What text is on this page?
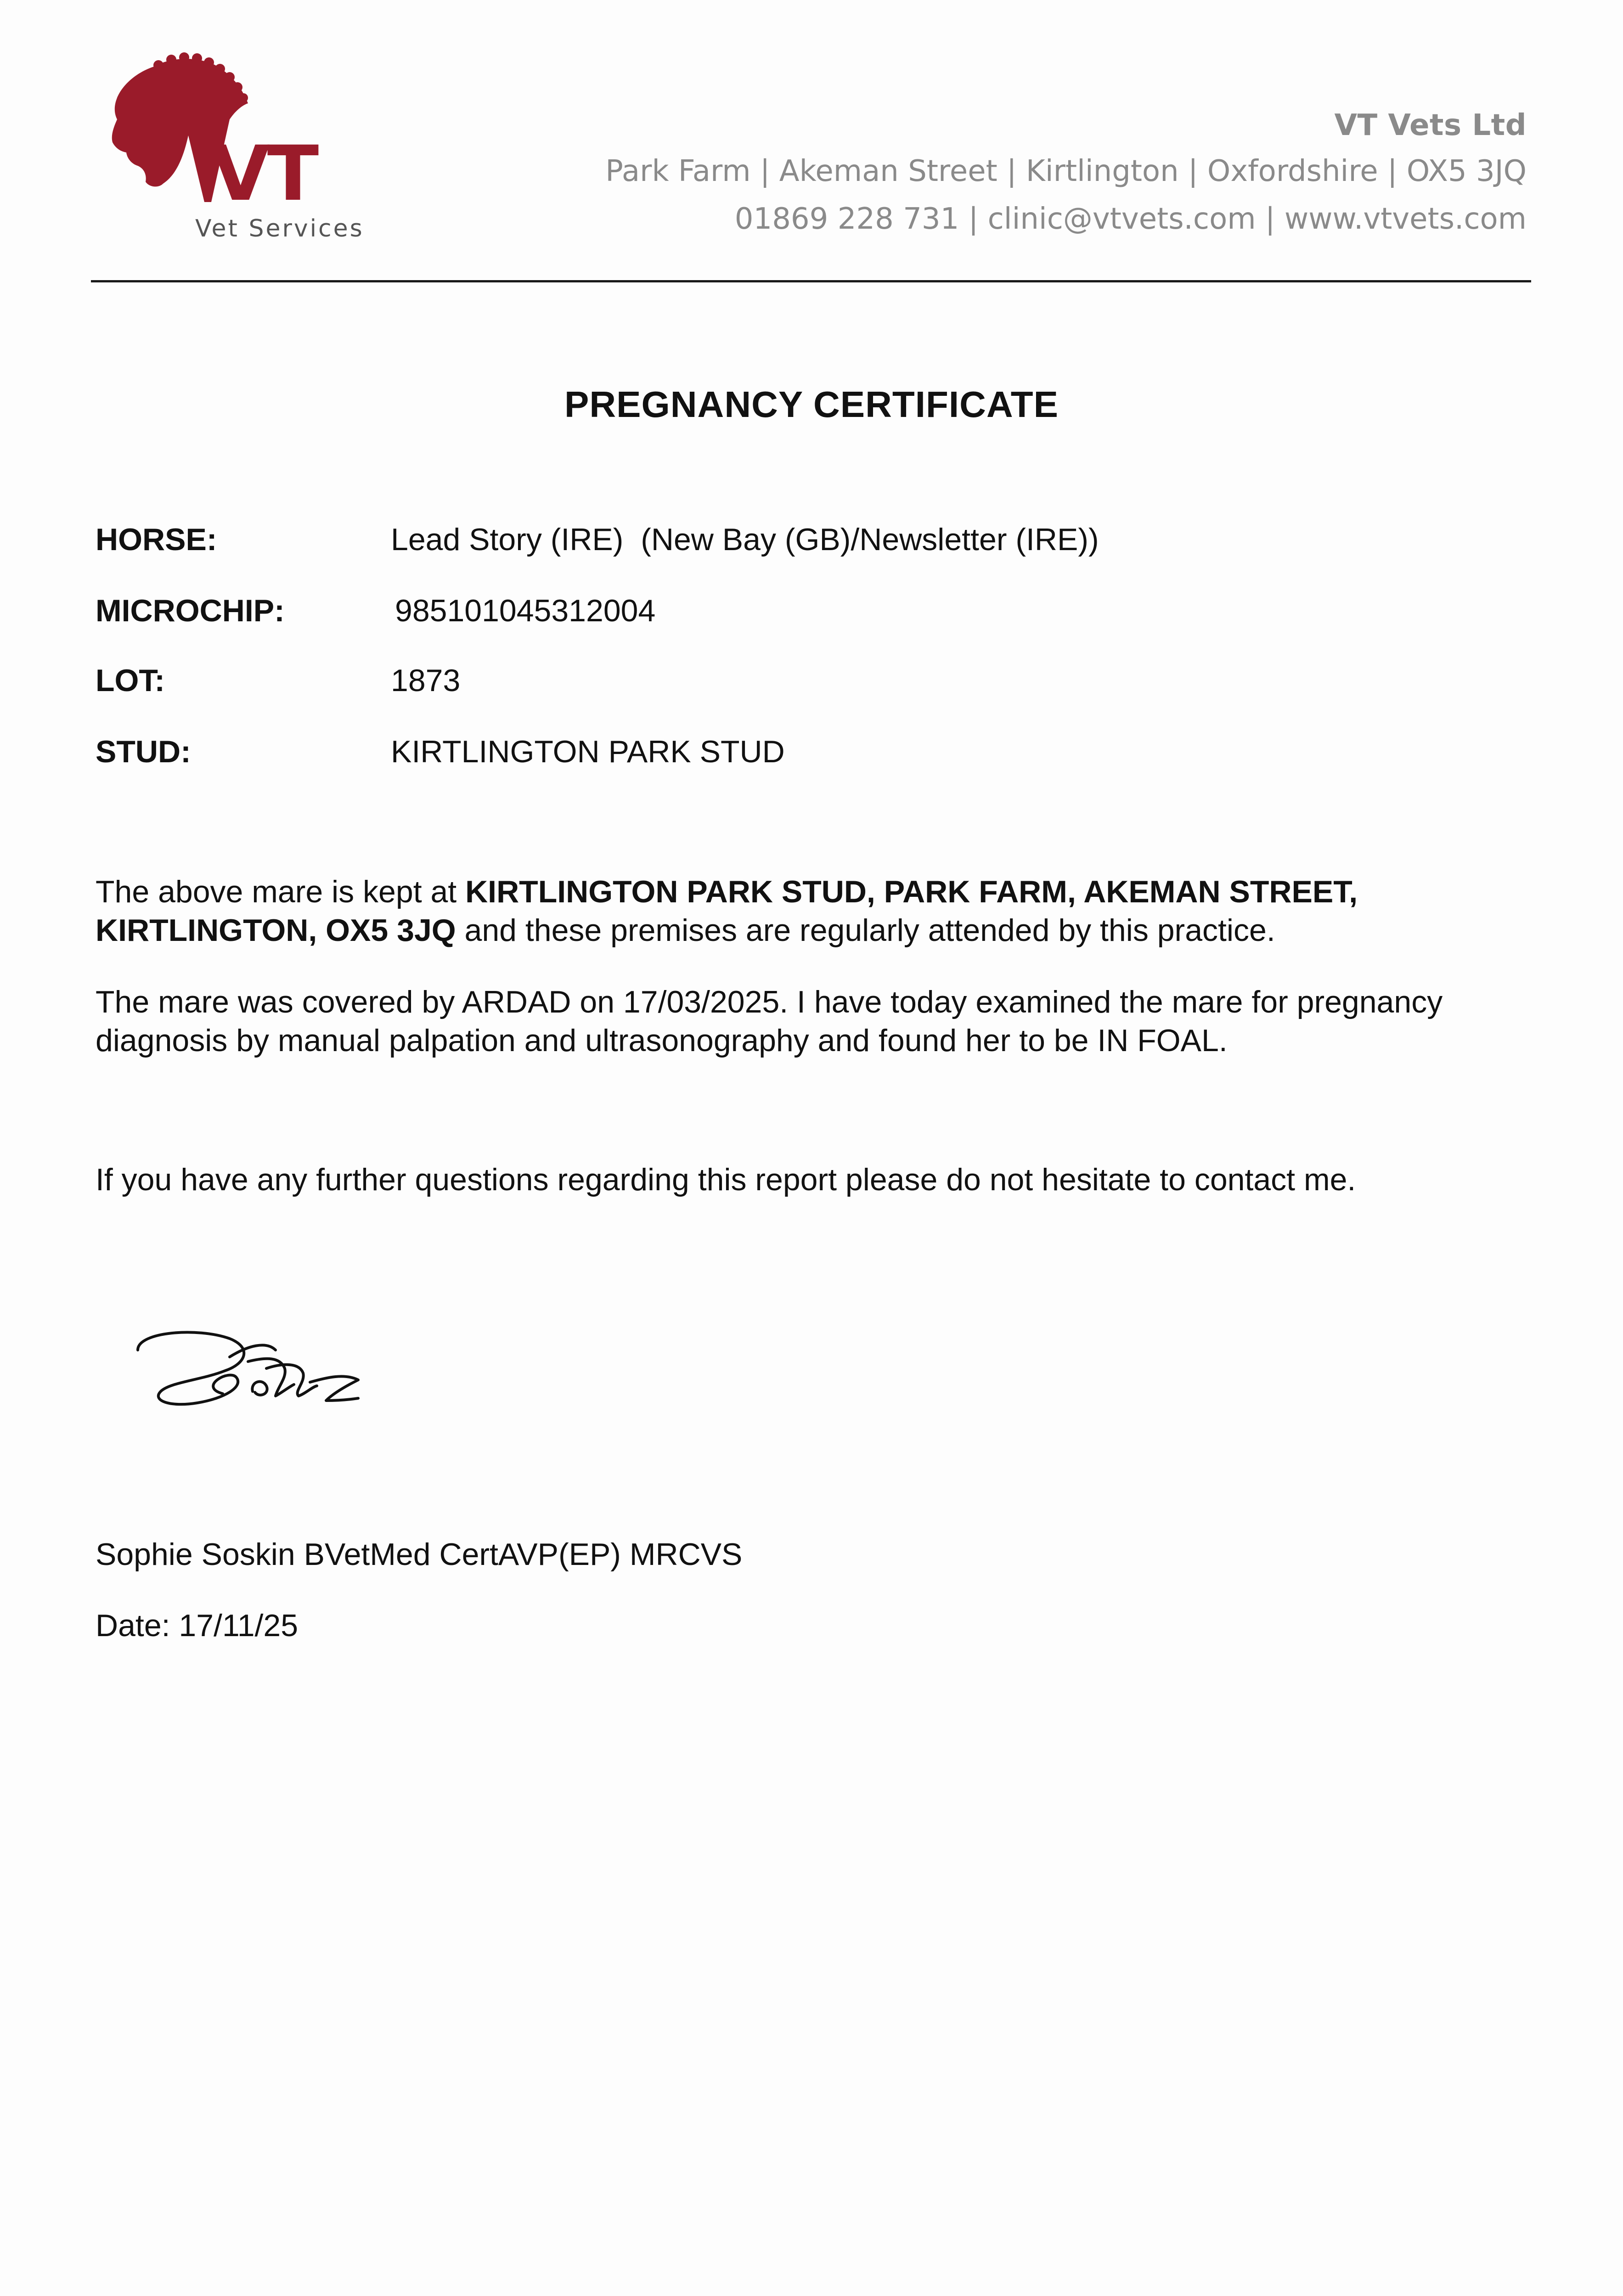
VT
Vet Services
VT Vets Ltd
Park Farm | Akeman Street | Kirtlington | Oxfordshire | OX5 3JQ
01869 228 731 | clinic@vtvets.com | www.vtvets.com
PREGNANCY CERTIFICATE
HORSE:	Lead Story (IRE)  (New Bay (GB)/Newsletter (IRE))
MICROCHIP:	985101045312004
LOT:	1873
STUD:	KIRTLINGTON PARK STUD
The above mare is kept at KIRTLINGTON PARK STUD, PARK FARM, AKEMAN STREET, KIRTLINGTON, OX5 3JQ and these premises are regularly attended by this practice.
The mare was covered by ARDAD on 17/03/2025. I have today examined the mare for pregnancy diagnosis by manual palpation and ultrasonography and found her to be IN FOAL.
If you have any further questions regarding this report please do not hesitate to contact me.
Sophie Soskin BVetMed CertAVP(EP) MRCVS
Date: 17/11/25
